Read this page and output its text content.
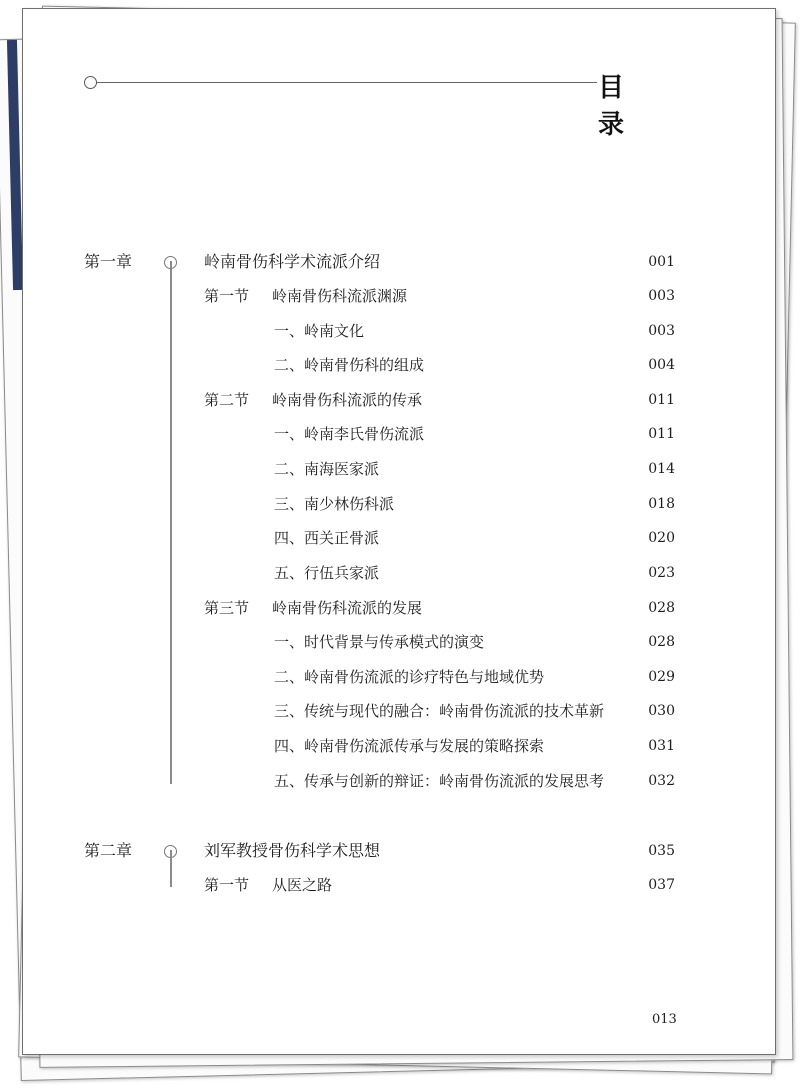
目 录
第一章	岭南骨伤科学术流派介绍	001
第一节 岭南骨伤科流派渊源	003
一、岭南文化	003
二、岭南骨伤科的组成	004
第二节 岭南骨伤科流派的传承	011
一、岭南李氏骨伤流派	011
二、南海医家派	014
三、南少林伤科派	018
四、西关正骨派	020
五、行伍兵家派	023
第三节 岭南骨伤科流派的发展	028
一、时代背景与传承模式的演变	028
二、岭南骨伤流派的诊疗特色与地域优势	029
三、传统与现代的融合：岭南骨伤流派的技术革新	030
四、岭南骨伤流派传承与发展的策略探索	031
五、传承与创新的辩证：岭南骨伤流派的发展思考	032
第二章	刘军教授骨伤科学术思想	035
第一节 从医之路	037
013
